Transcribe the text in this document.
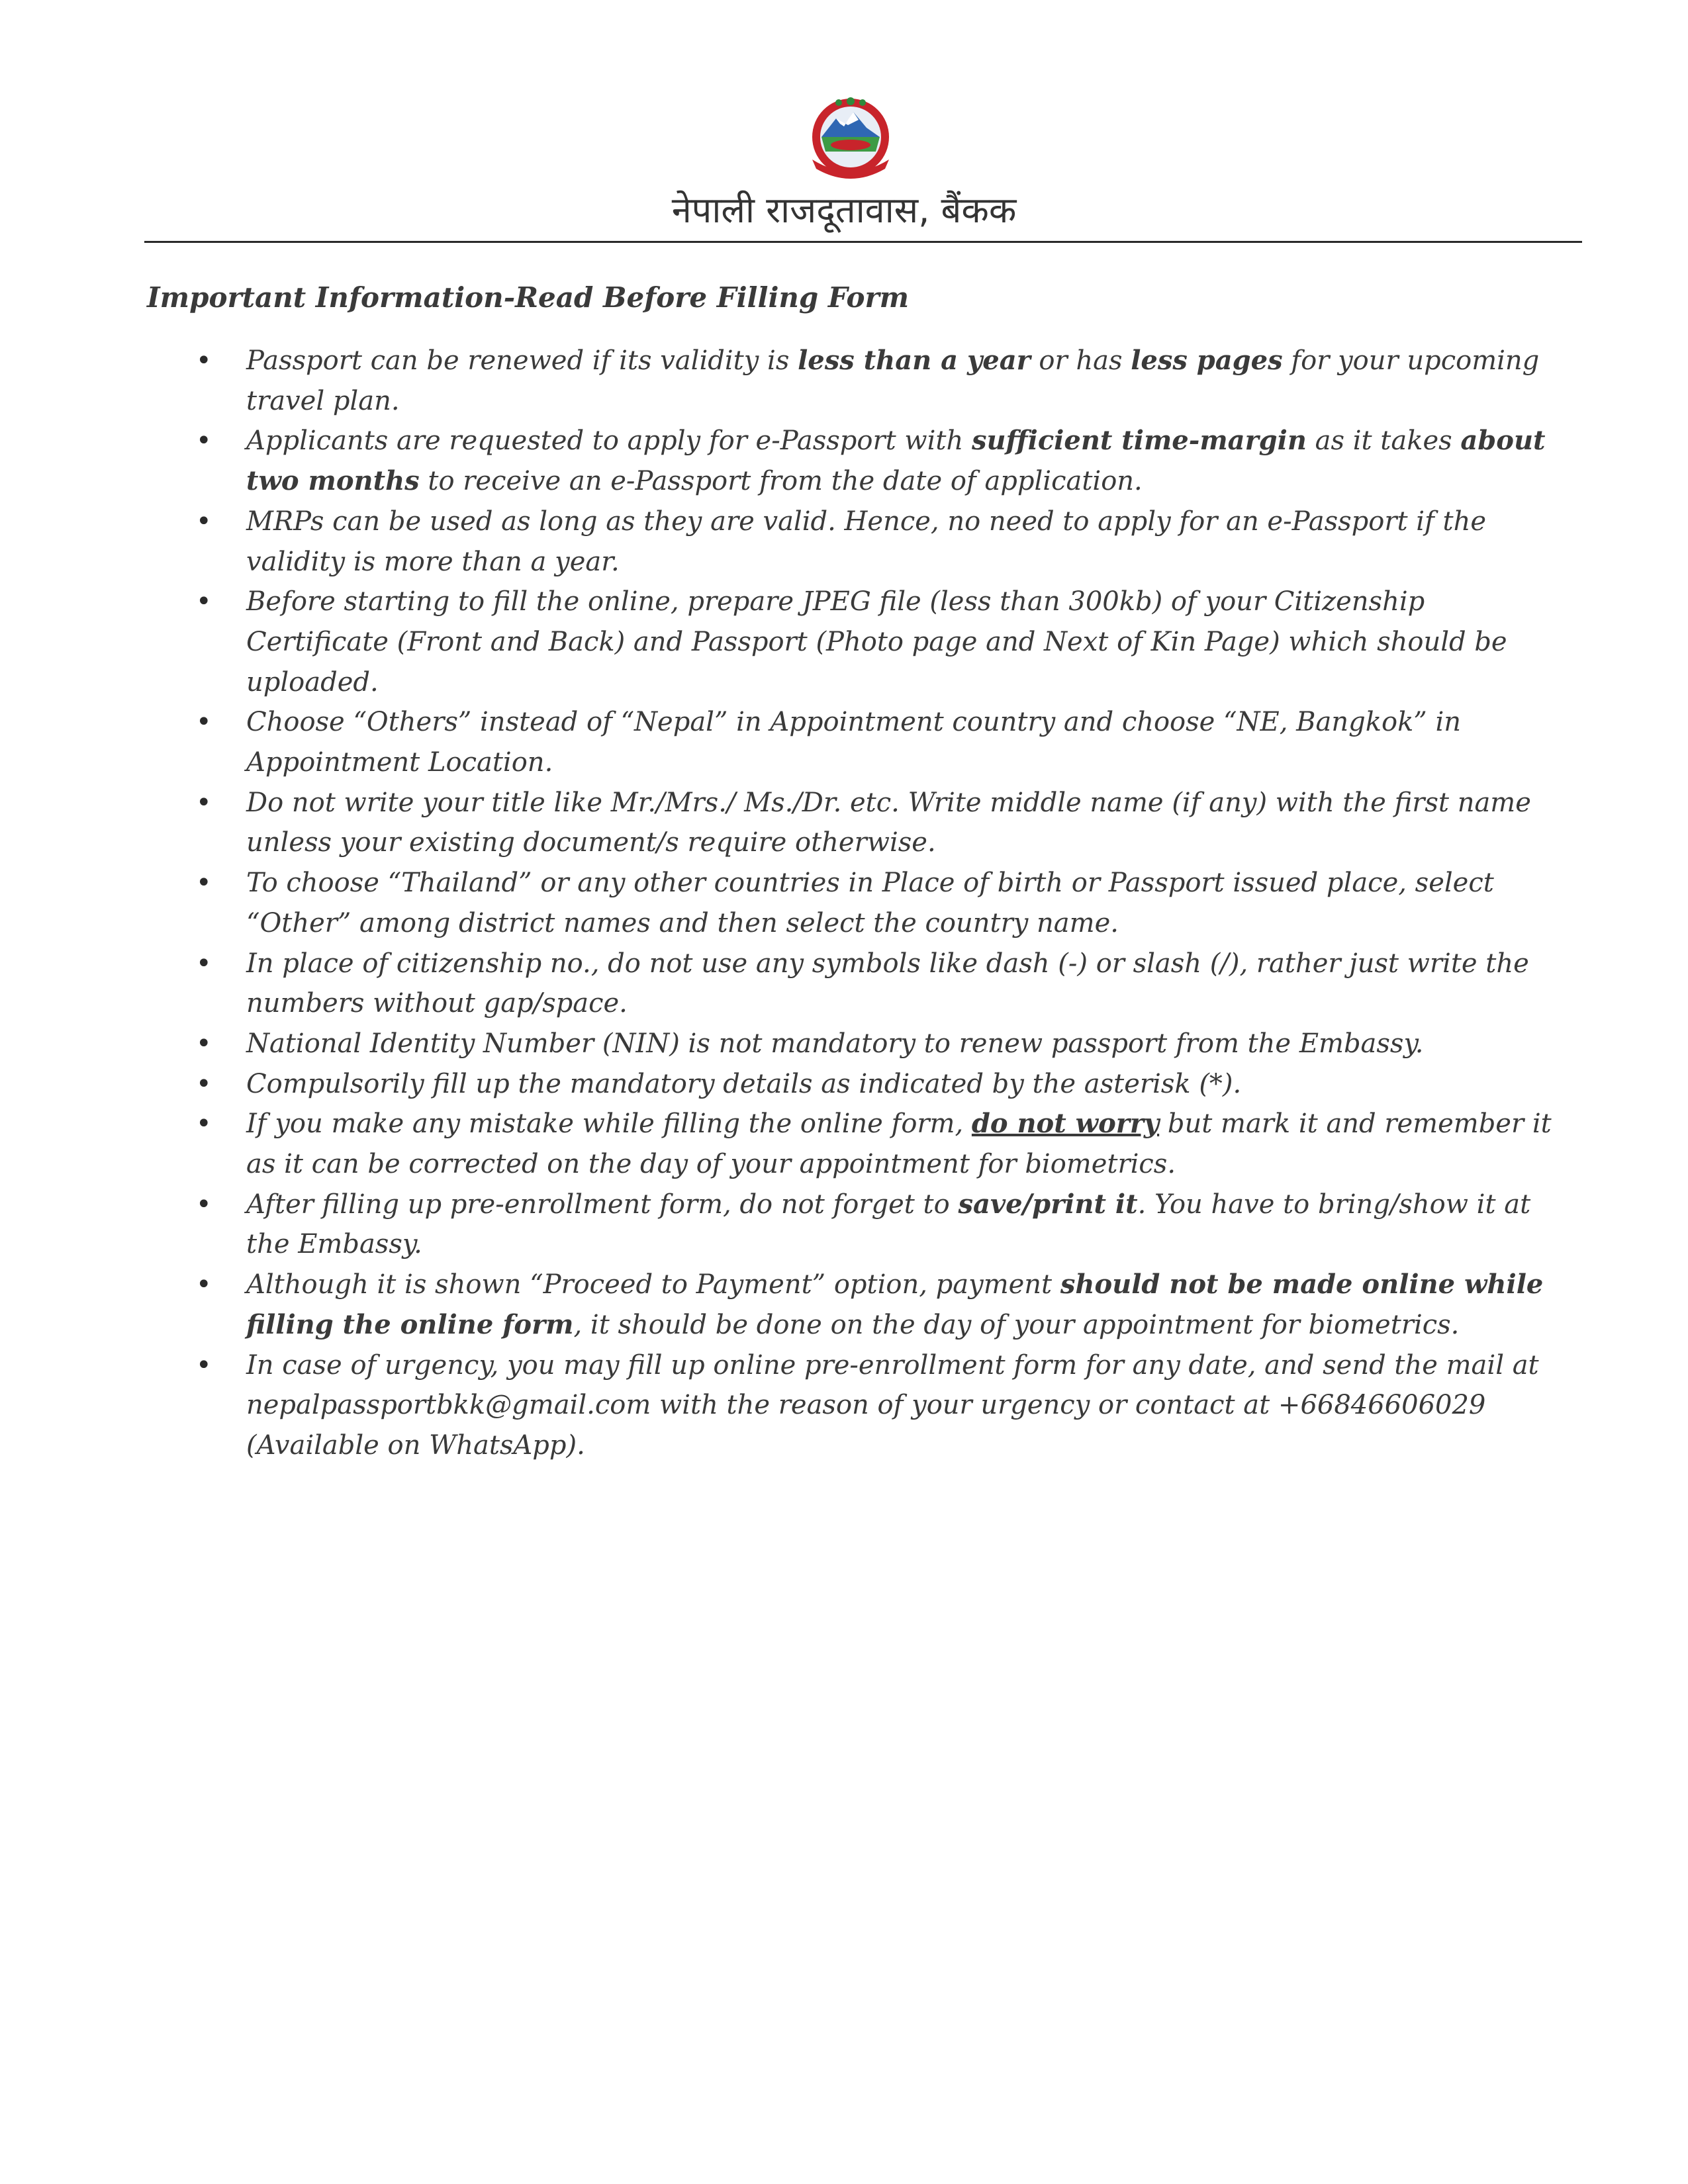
नेपाली राजदूतावास, बैंकक
Important Information-Read Before Filling Form
• Passport can be renewed if its validity is less than a year or has less pages for your upcoming travel plan.
• Applicants are requested to apply for e-Passport with sufficient time-margin as it takes about two months to receive an e-Passport from the date of application.
• MRPs can be used as long as they are valid. Hence, no need to apply for an e-Passport if the validity is more than a year.
• Before starting to fill the online, prepare JPEG file (less than 300kb) of your Citizenship Certificate (Front and Back) and Passport (Photo page and Next of Kin Page) which should be uploaded.
• Choose “Others” instead of “Nepal” in Appointment country and choose “NE, Bangkok” in Appointment Location.
• Do not write your title like Mr./Mrs./ Ms./Dr. etc. Write middle name (if any) with the first name unless your existing document/s require otherwise.
• To choose “Thailand” or any other countries in Place of birth or Passport issued place, select “Other” among district names and then select the country name.
• In place of citizenship no., do not use any symbols like dash (-) or slash (/), rather just write the numbers without gap/space.
• National Identity Number (NIN) is not mandatory to renew passport from the Embassy.
• Compulsorily fill up the mandatory details as indicated by the asterisk (*).
• If you make any mistake while filling the online form, do not worry but mark it and remember it as it can be corrected on the day of your appointment for biometrics.
• After filling up pre-enrollment form, do not forget to save/print it. You have to bring/show it at the Embassy.
• Although it is shown “Proceed to Payment” option, payment should not be made online while filling the online form, it should be done on the day of your appointment for biometrics.
• In case of urgency, you may fill up online pre-enrollment form for any date, and send the mail at nepalpassportbkk@gmail.com with the reason of your urgency or contact at +66846606029 (Available on WhatsApp).
